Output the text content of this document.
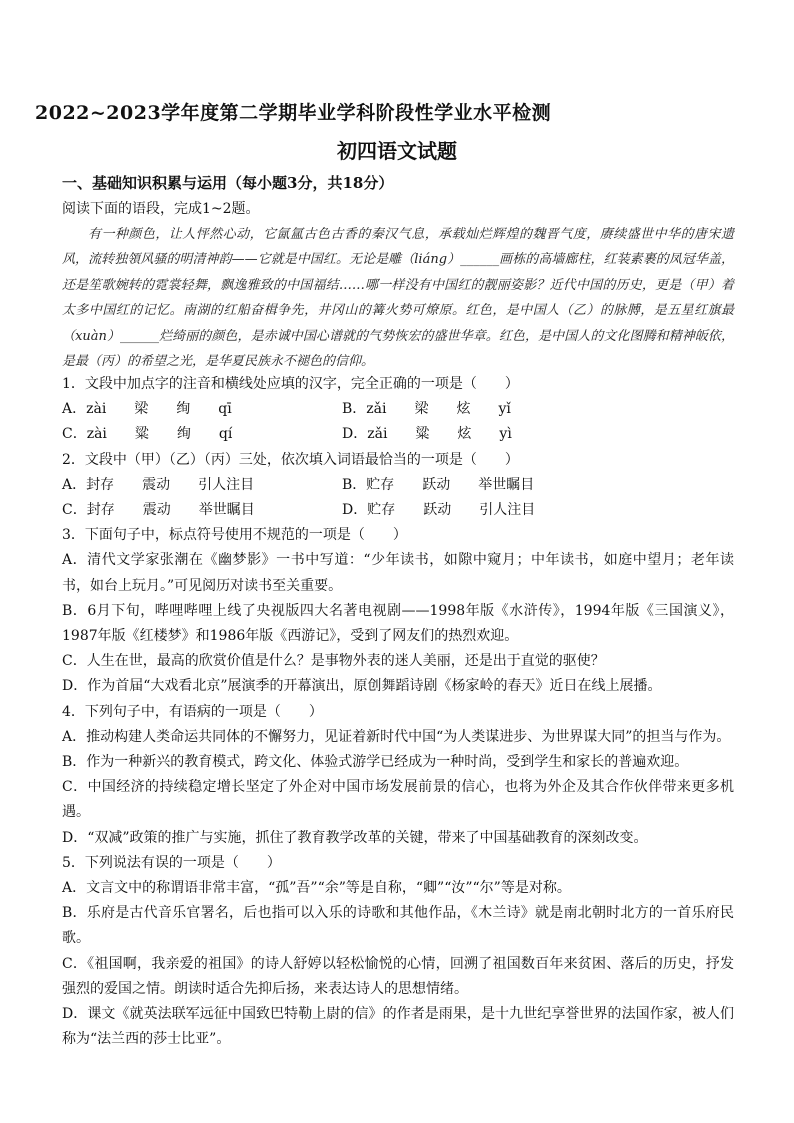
2022~2023学年度第二学期毕业学科阶段性学业水平检测
初四语文试题
一、基础知识积累与运用（每小题3分，共18分）
阅读下面的语段，完成1~2题。
有一种颜色，让人怦然心动，它氤氲古色古香的秦汉气息，承载灿烂辉煌的魏晋气度，赓续盛世中华的唐宋遗风，流转独領风骚的明清神韵——它就是中国红。无论是雕（liáng）______画栋的高墙廊柱，红装素裹的凤冠华盖，还是笙歌婉转的霓裳轻舞，飘逸雅致的中国福结……哪一样没有中国红的靓丽姿影？近代中国的历史，更是（甲）着太多中国红的记忆。南湖的红船奋楫争先，井冈山的篝火势可燎原。红色，是中国人（乙）的脉膊，是五星红旗最（xuàn）______烂绮丽的颜色，是赤诚中国心谱就的气势恢宏的盛世华章。红色，是中国人的文化图腾和精神皈依，是最（丙）的希望之光，是华夏民族永不褪色的信仰。

1．文段中加点字的注音和横线处应填的汉字，完全正确的一项是（　　）

A．zài　　梁　　绚　　qī	B．zǎi　　梁　　炫　　yǐ
C．zài　　粱　　绚　　qí	D．zǎi　　粱　　炫　　yì

2．文段中（甲）（乙）（丙）三处，依次填入词语最恰当的一项是（　　）

A．封存　　震动　　引人注目	B．贮存　　跃动　　举世瞩目
C．封存　　震动　　举世瞩目	D．贮存　　跃动　　引人注目

3．下面句子中，标点符号使用不规范的一项是（　　）

A．清代文学家张潮在《幽梦影》一书中写道：“少年读书，如隙中窥月；中年读书，如庭中望月；老年读书，如台上玩月。”可见阅历对读书至关重要。

B．6月下旬，哔哩哔哩上线了央视版四大名著电视剧——1998年版《水浒传》，1994年版《三国演义》，1987年版《红楼梦》和1986年版《西游记》，受到了网友们的热烈欢迎。

C．人生在世，最高的欣赏价值是什么？是事物外表的迷人美丽，还是出于直觉的驱使？

D．作为首届“大戏看北京”展演季的开幕演出，原创舞蹈诗剧《杨家岭的春天》近日在线上展播。

4．下列句子中，有语病的一项是（　　）

A．推动构建人类命运共同体的不懈努力，见证着新时代中国“为人类谋进步、为世界谋大同”的担当与作为。

B．作为一种新兴的教育模式，跨文化、体验式游学已经成为一种时尚，受到学生和家长的普遍欢迎。

C．中国经济的持续稳定增长坚定了外企对中国市场发展前景的信心，也将为外企及其合作伙伴带来更多机遇。

D．“双减”政策的推广与实施，抓住了教育教学改革的关键，带来了中国基础教育的深刻改变。

5．下列说法有误的一项是（　　）

A．文言文中的称谓语非常丰富，“孤”吾”“余”等是自称，“卿”“汝”“尔”等是对称。

B．乐府是古代音乐官署名，后也指可以入乐的诗歌和其他作品，《木兰诗》就是南北朝时北方的一首乐府民歌。

C．《祖国啊，我亲爱的祖国》的诗人舒婷以轻松愉悦的心情，回溯了祖国数百年来贫困、落后的历史，抒发强烈的爱国之情。朗读时适合先抑后扬，来表达诗人的思想情绪。

D．课文《就英法联军远征中国致巴特勒上尉的信》的作者是雨果，是十九世纪享誉世界的法国作家，被人们称为“法兰西的莎士比亚”。
